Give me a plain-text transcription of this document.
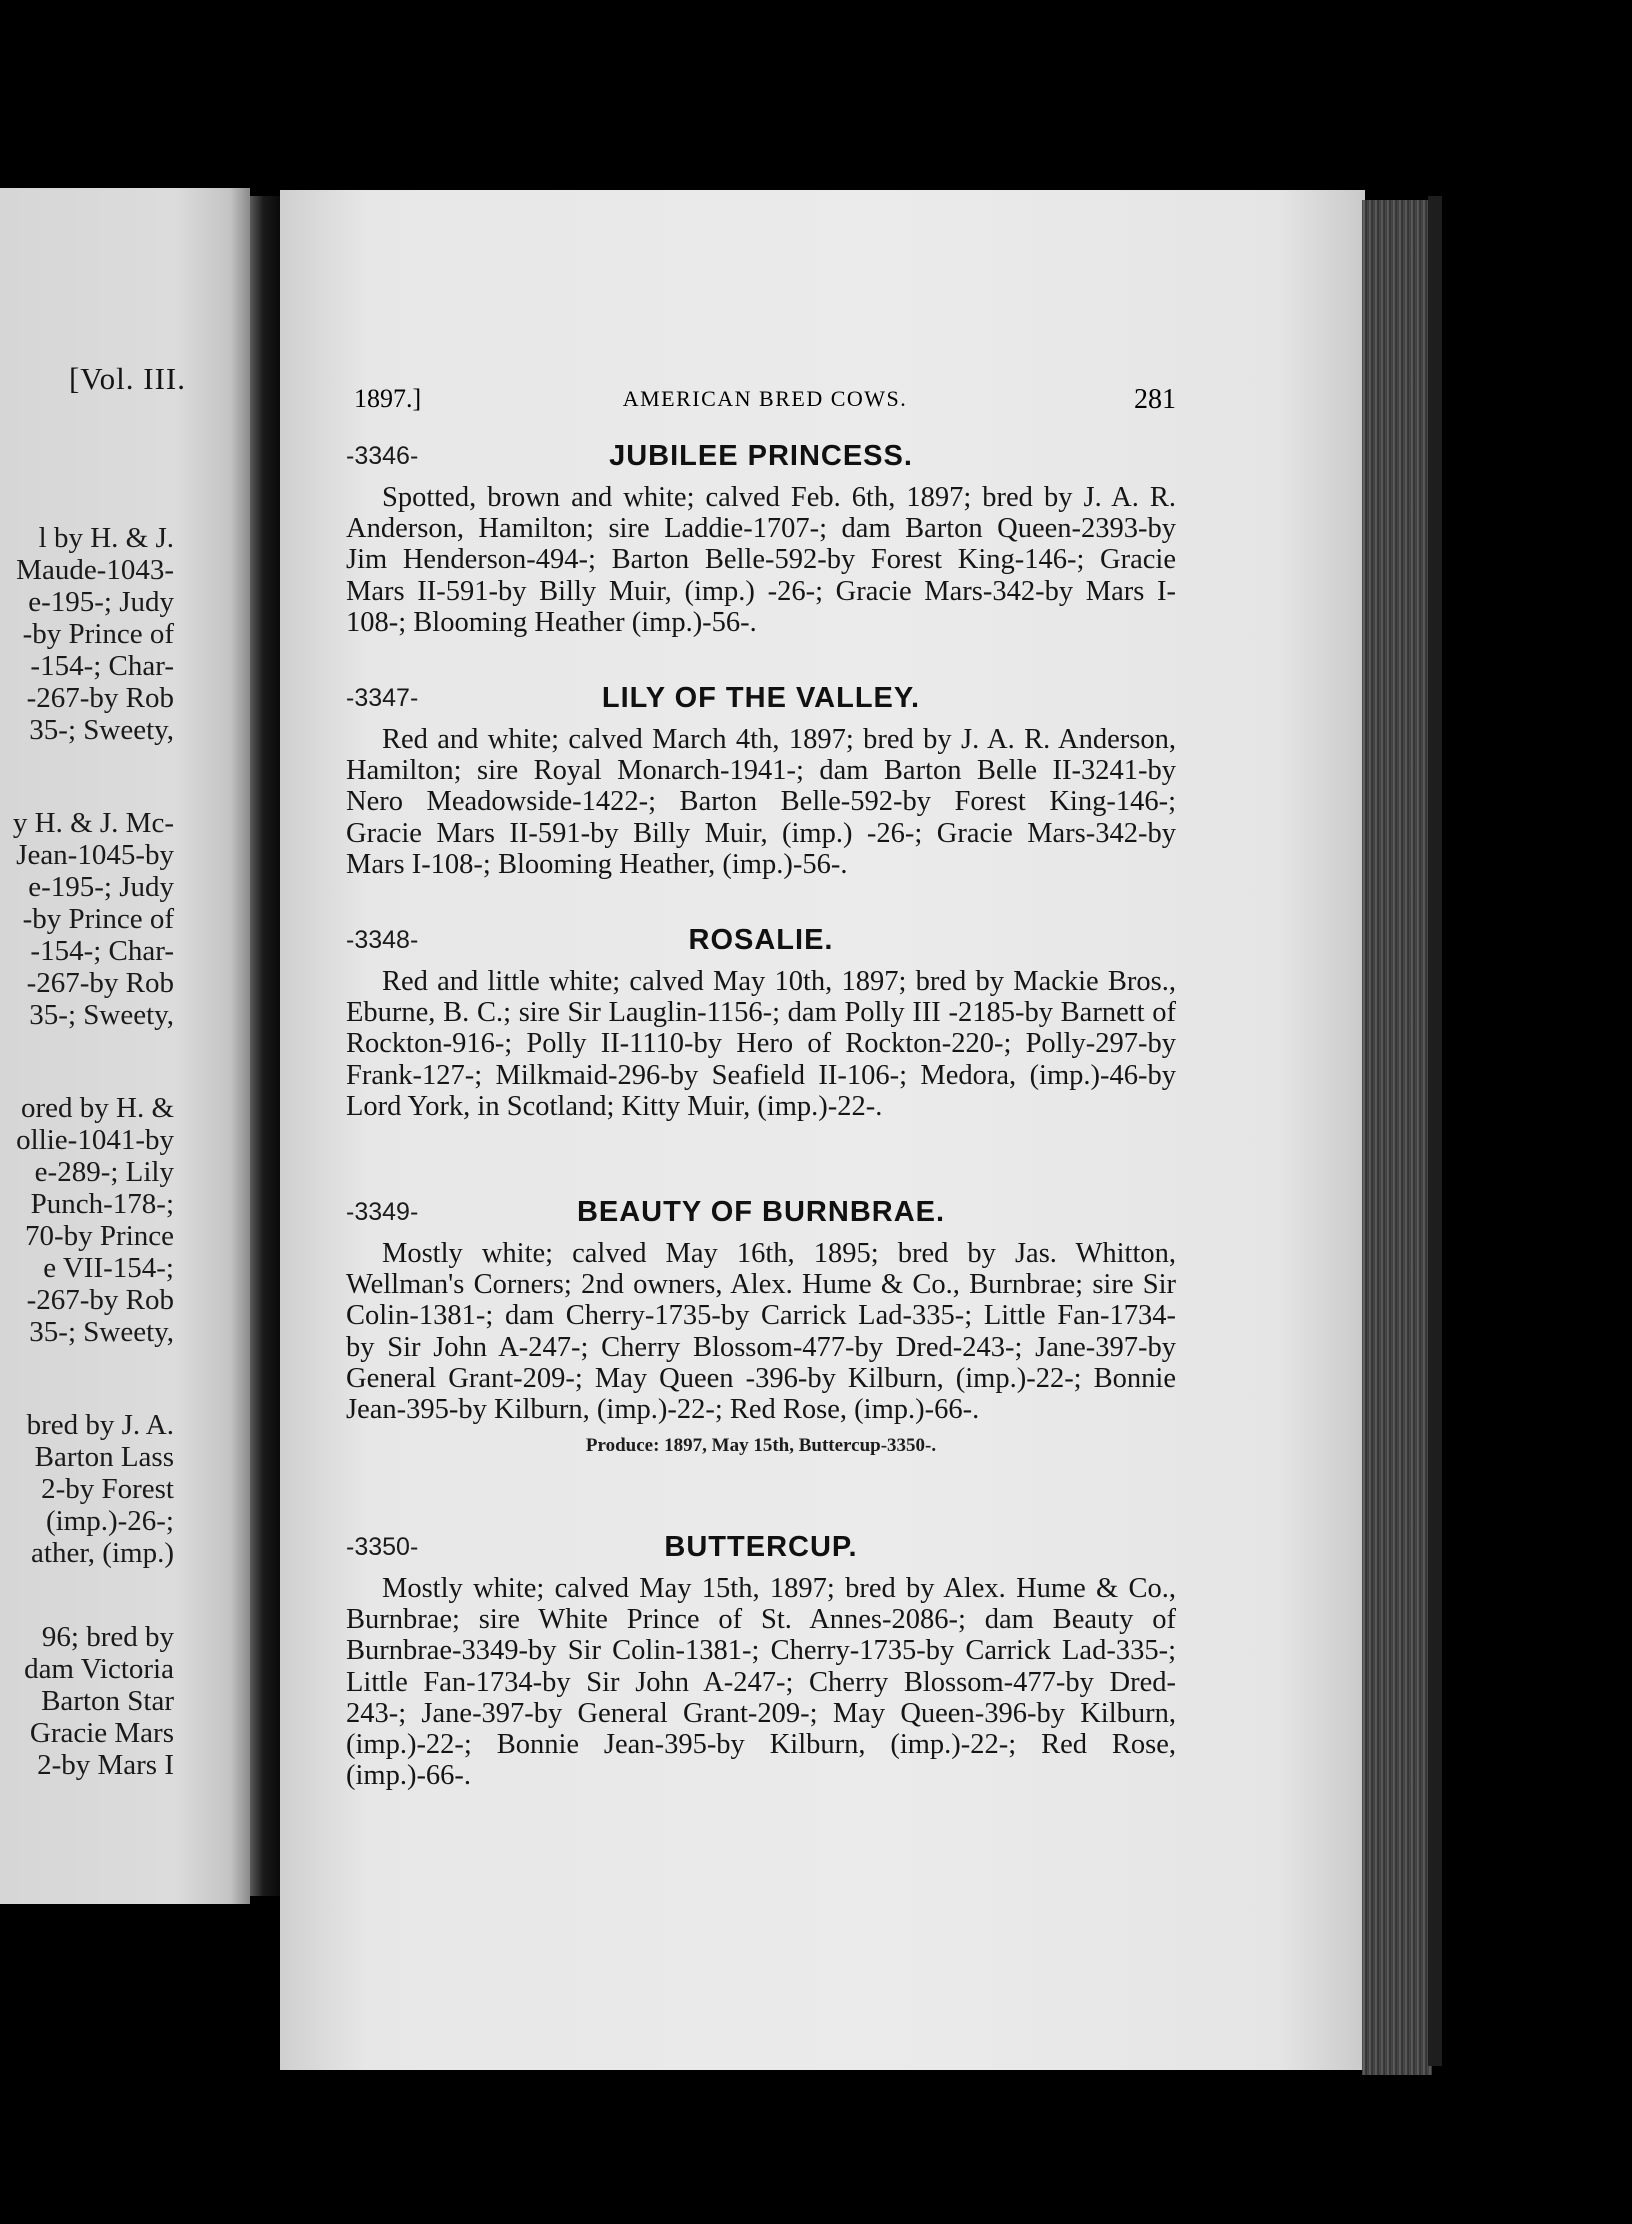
[Vol. III.
l by H. & J.
Maude-1043-
e-195-; Judy
-by Prince of
-154-; Char-
-267-by Rob
35-; Sweety,
y H. & J. Mc-
Jean-1045-by
e-195-; Judy
-by Prince of
-154-; Char-
-267-by Rob
35-; Sweety,
ored by H. &
ollie-1041-by
e-289-; Lily
Punch-178-;
70-by Prince
e VII-154-;
-267-by Rob
35-; Sweety,
bred by J. A.
Barton Lass
2-by Forest
(imp.)-26-;
ather, (imp.)
96; bred by
dam Victoria
Barton Star
Gracie Mars
2-by Mars I
1897.]	AMERICAN BRED COWS.	281
-3346-	JUBILEE PRINCESS.

Spotted, brown and white; calved Feb. 6th, 1897; bred by J. A. R. Anderson, Hamilton; sire Laddie-1707-; dam Barton Queen-2393-by Jim Henderson-494-; Barton Belle-592-by Forest King-146-; Gracie Mars II-591-by Billy Muir, (imp.) -26-; Gracie Mars-342-by Mars I-108-; Blooming Heather (imp.)-56-.

-3347-	LILY OF THE VALLEY.

Red and white; calved March 4th, 1897; bred by J. A. R. Anderson, Hamilton; sire Royal Monarch-1941-; dam Barton Belle II-3241-by Nero Meadowside-1422-; Barton Belle-592-by Forest King-146-; Gracie Mars II-591-by Billy Muir, (imp.) -26-; Gracie Mars-342-by Mars I-108-; Blooming Heather, (imp.)-56-.

-3348-	ROSALIE.

Red and little white; calved May 10th, 1897; bred by Mackie Bros., Eburne, B. C.; sire Sir Lauglin-1156-; dam Polly III -2185-by Barnett of Rockton-916-; Polly II-1110-by Hero of Rockton-220-; Polly-297-by Frank-127-; Milkmaid-296-by Seafield II-106-; Medora, (imp.)-46-by Lord York, in Scotland; Kitty Muir, (imp.)-22-.

-3349-	BEAUTY OF BURNBRAE.

Mostly white; calved May 16th, 1895; bred by Jas. Whitton, Wellman's Corners; 2nd owners, Alex. Hume & Co., Burnbrae; sire Sir Colin-1381-; dam Cherry-1735-by Carrick Lad-335-; Little Fan-1734-by Sir John A-247-; Cherry Blossom-477-by Dred-243-; Jane-397-by General Grant-209-; May Queen -396-by Kilburn, (imp.)-22-; Bonnie Jean-395-by Kilburn, (imp.)-22-; Red Rose, (imp.)-66-.

Produce: 1897, May 15th, Buttercup-3350-.
-3350-	BUTTERCUP.

Mostly white; calved May 15th, 1897; bred by Alex. Hume & Co., Burnbrae; sire White Prince of St. Annes-2086-; dam Beauty of Burnbrae-3349-by Sir Colin-1381-; Cherry-1735-by Carrick Lad-335-; Little Fan-1734-by Sir John A-247-; Cherry Blossom-477-by Dred-243-; Jane-397-by General Grant-209-; May Queen-396-by Kilburn, (imp.)-22-; Bonnie Jean-395-by Kilburn, (imp.)-22-; Red Rose, (imp.)-66-.
